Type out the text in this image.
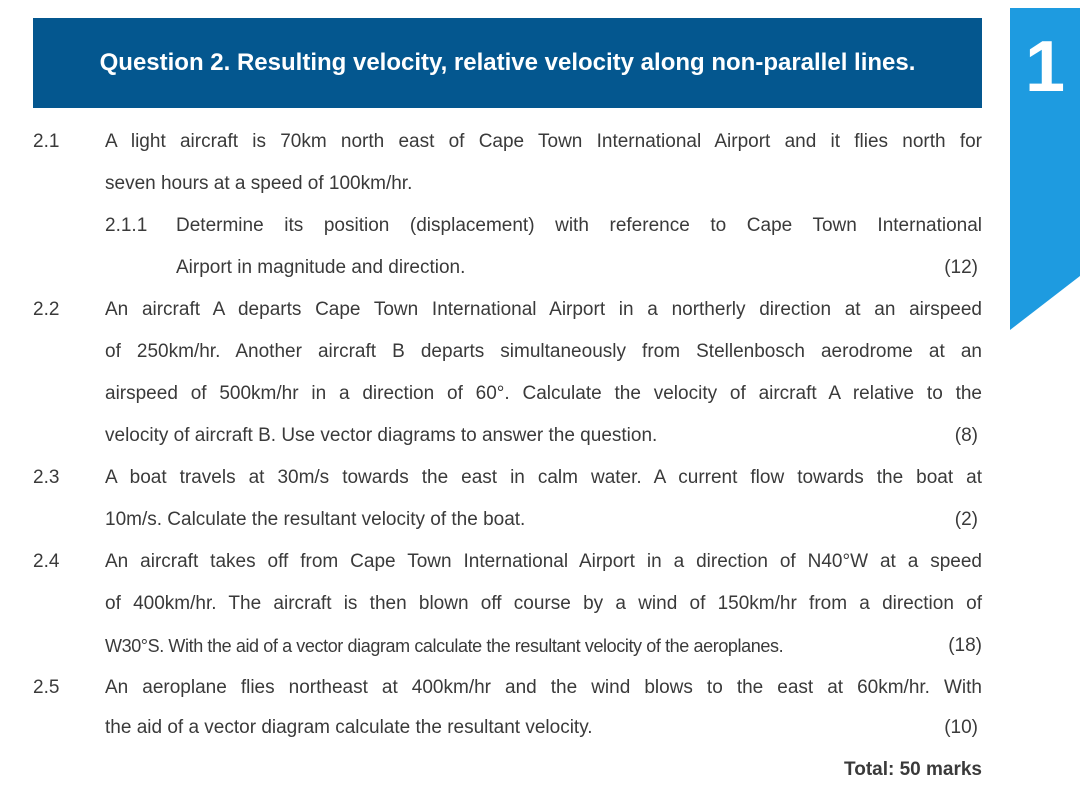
Question 2. Resulting velocity, relative velocity along non-parallel lines.	1
2.1 A light aircraft is 70km north east of Cape Town International Airport and it flies north for
seven hours at a speed of 100km/hr.
2.1.1 Determine its position (displacement) with reference to Cape Town International
Airport in magnitude and direction.	(12)
2.2 An aircraft A departs Cape Town International Airport in a northerly direction at an airspeed
of 250km/hr. Another aircraft B departs simultaneously from Stellenbosch aerodrome at an
airspeed of 500km/hr in a direction of 60°. Calculate the velocity of aircraft A relative to the
velocity of aircraft B. Use vector diagrams to answer the question.	(8)
2.3 A boat travels at 30m/s towards the east in calm water. A current flow towards the boat at
10m/s. Calculate the resultant velocity of the boat.	(2)
2.4 An aircraft takes off from Cape Town International Airport in a direction of N40°W at a speed
of 400km/hr. The aircraft is then blown off course by a wind of 150km/hr from a direction of
W30°S. With the aid of a vector diagram calculate the resultant velocity of the aeroplanes.	(18)
2.5 An aeroplane flies northeast at 400km/hr and the wind blows to the east at 60km/hr. With
the aid of a vector diagram calculate the resultant velocity.	(10)
Total: 50 marks
